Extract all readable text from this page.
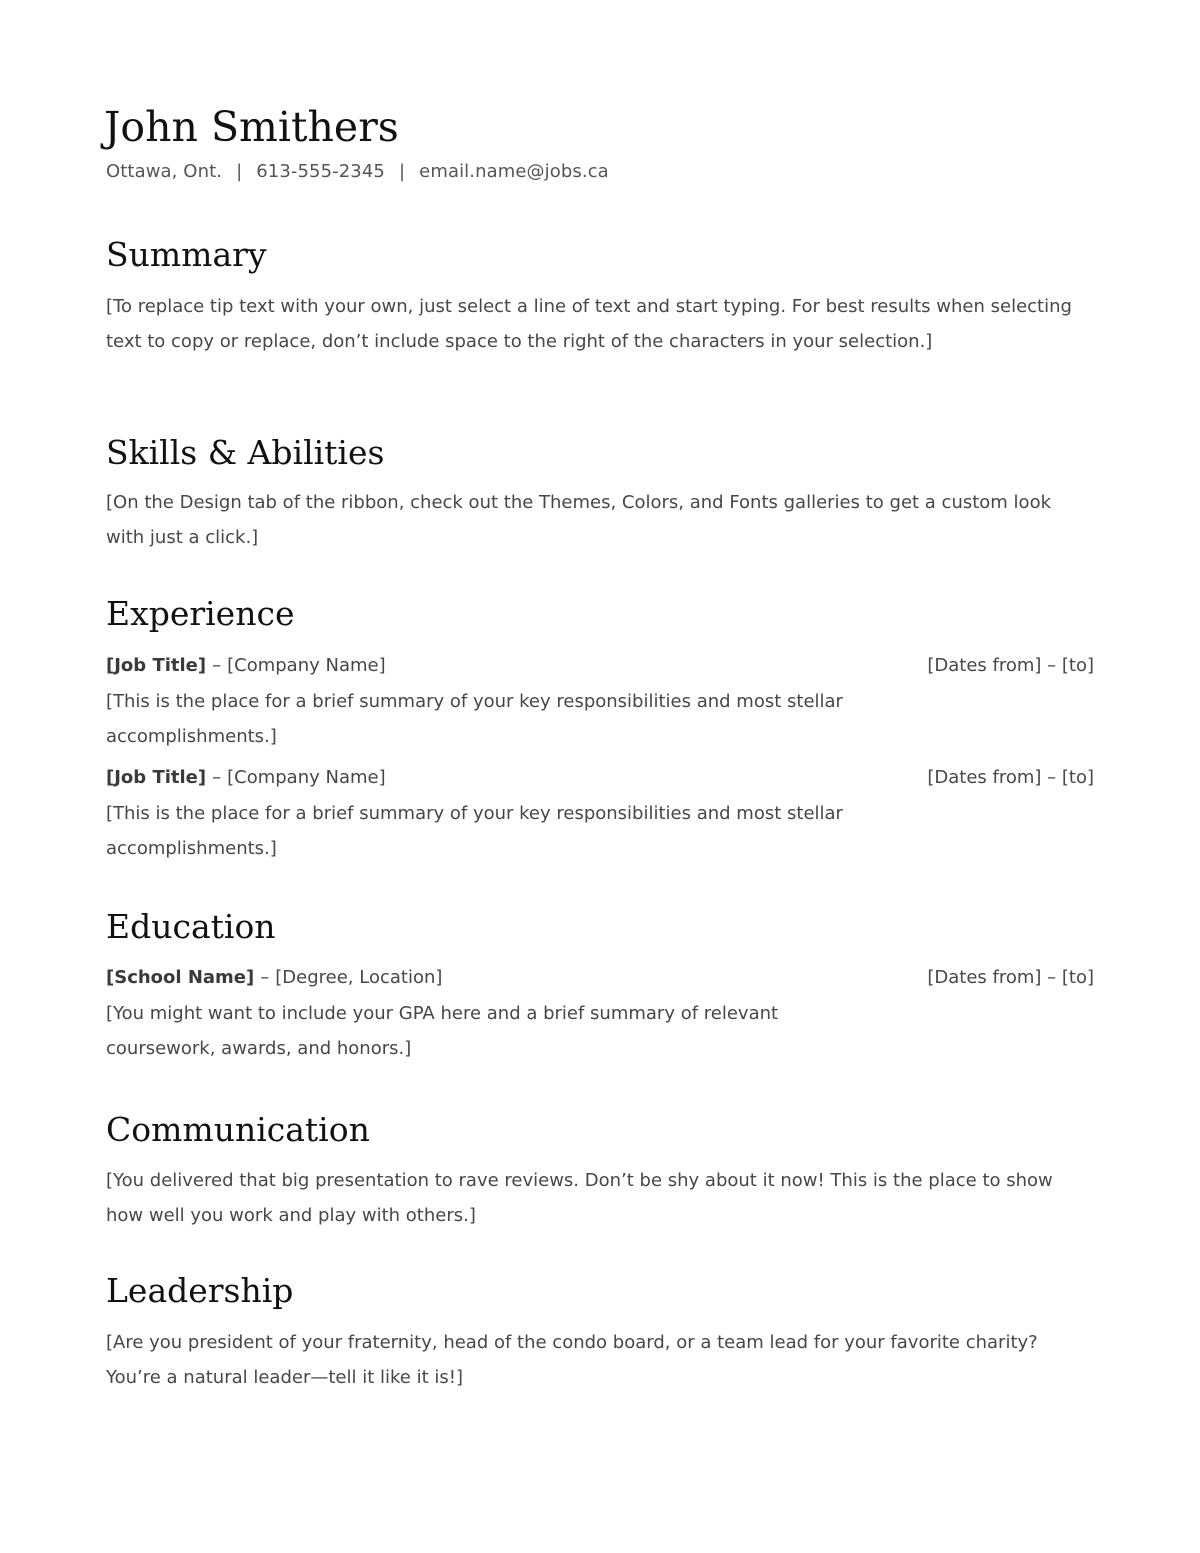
John Smithers
Ottawa, Ont. | 613-555-2345 | email.name@jobs.ca
Summary

[To replace tip text with your own, just select a line of text and start typing. For best results when selecting text to copy or replace, don’t include space to the right of the characters in your selection.]

Skills & Abilities

[On the Design tab of the ribbon, check out the Themes, Colors, and Fonts galleries to get a custom look with just a click.]

Experience
[Job Title] – [Company Name]	[Dates from] – [to]

[This is the place for a brief summary of your key responsibilities and most stellar accomplishments.]

[Job Title] – [Company Name]	[Dates from] – [to]

[This is the place for a brief summary of your key responsibilities and most stellar accomplishments.]

Education
[School Name] – [Degree, Location]	[Dates from] – [to]

[You might want to include your GPA here and a brief summary of relevant coursework, awards, and honors.]

Communication

[You delivered that big presentation to rave reviews. Don’t be shy about it now! This is the place to show how well you work and play with others.]

Leadership

[Are you president of your fraternity, head of the condo board, or a team lead for your favorite charity? You’re a natural leader—tell it like it is!]
